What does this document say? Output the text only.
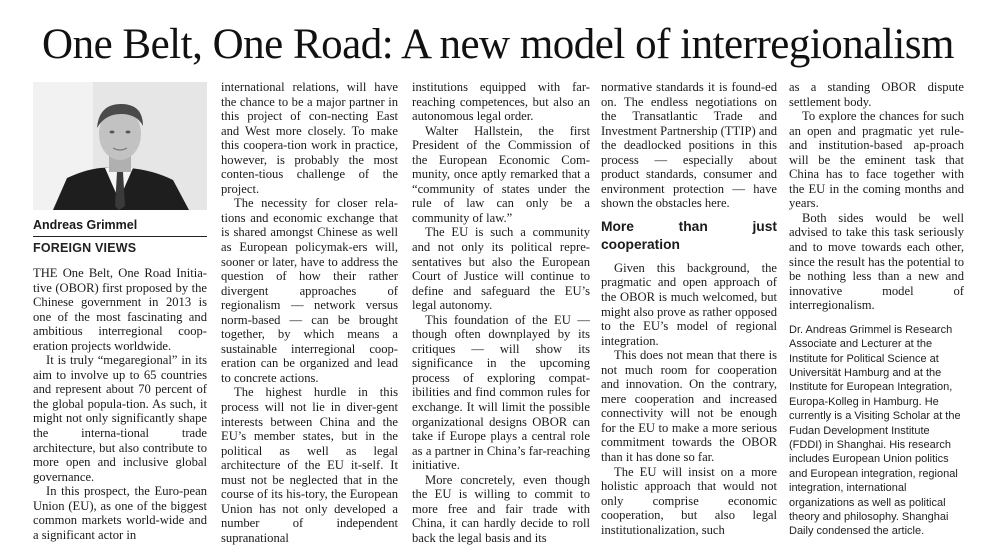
One Belt, One Road: A new model of interregionalism
Andreas Grimmel
FOREIGN VIEWS

THE One Belt, One Road Initia-tive (OBOR) first proposed by the Chinese government in 2013 is one of the most fascinating and ambitious interregional coop-eration projects worldwide.

It is truly “megaregional” in its aim to involve up to 65 countries and represent about 70 percent of the global popula-tion. As such, it might not only significantly shape the interna-tional trade architecture, but also contribute to more open and inclusive global governance.

In this prospect, the Euro-pean Union (EU), as one of the biggest common markets world-wide and a significant actor in

international relations, will have the chance to be a major partner in this project of con-necting East and West more closely. To make this coopera-tion work in practice, however, is probably the most conten-tious challenge of the project.

The necessity for closer rela-tions and economic exchange that is shared amongst Chinese as well as European policymak-ers will, sooner or later, have to address the question of how their rather divergent approaches of regionalism — network versus norm-based — can be brought together, by which means a sustainable interregional coop-eration can be organized and lead to concrete actions.

The highest hurdle in this process will not lie in diver-gent interests between China and the EU’s member states, but in the political as well as legal architecture of the EU it-self. It must not be neglected that in the course of its his-tory, the European Union has not only developed a number of independent supranational

institutions equipped with far-reaching competences, but also an autonomous legal order.

Walter Hallstein, the first President of the Commission of the European Economic Com-munity, once aptly remarked that a “community of states under the rule of law can only be a community of law.”

The EU is such a community and not only its political repre-sentatives but also the European Court of Justice will continue to define and safeguard the EU’s legal autonomy.

This foundation of the EU — though often downplayed by its critiques — will show its significance in the upcoming process of exploring compat-ibilities and find common rules for exchange. It will limit the possible organizational designs OBOR can take if Europe plays a central role as a partner in China’s far-reaching initiative.

More concretely, even though the EU is willing to commit to more free and fair trade with China, it can hardly decide to roll back the legal basis and its

normative standards it is found-ed on. The endless negotiations on the Transatlantic Trade and Investment Partnership (TTIP) and the deadlocked positions in this process — especially about product standards, consumer and environment protection — have shown the obstacles here.

More than just cooperation

Given this background, the pragmatic and open approach of the OBOR is much welcomed, but might also prove as rather opposed to the EU’s model of regional integration.

This does not mean that there is not much room for cooperation and innovation. On the contrary, mere cooperation and increased connectivity will not be enough for the EU to make a more serious commitment towards the OBOR than it has done so far.

The EU will insist on a more holistic approach that would not only comprise economic cooperation, but also legal institutionalization, such

as a standing OBOR dispute settlement body.

To explore the chances for such an open and pragmatic yet rule- and institution-based ap-proach will be the eminent task that China has to face together with the EU in the coming months and years.

Both sides would be well advised to take this task seriously and to move towards each other, since the result has the potential to be nothing less than a new and innovative model of interregionalism.

Dr. Andreas Grimmel is Research Associate and Lecturer at the Institute for Political Science at Universität Hamburg and at the Institute for European Integration, Europa-Kolleg in Hamburg. He currently is a Visiting Scholar at the Fudan Development Institute (FDDI) in Shanghai. His research includes European Union politics and European integration, regional integration, international organizations as well as political theory and philosophy. Shanghai Daily condensed the article.
